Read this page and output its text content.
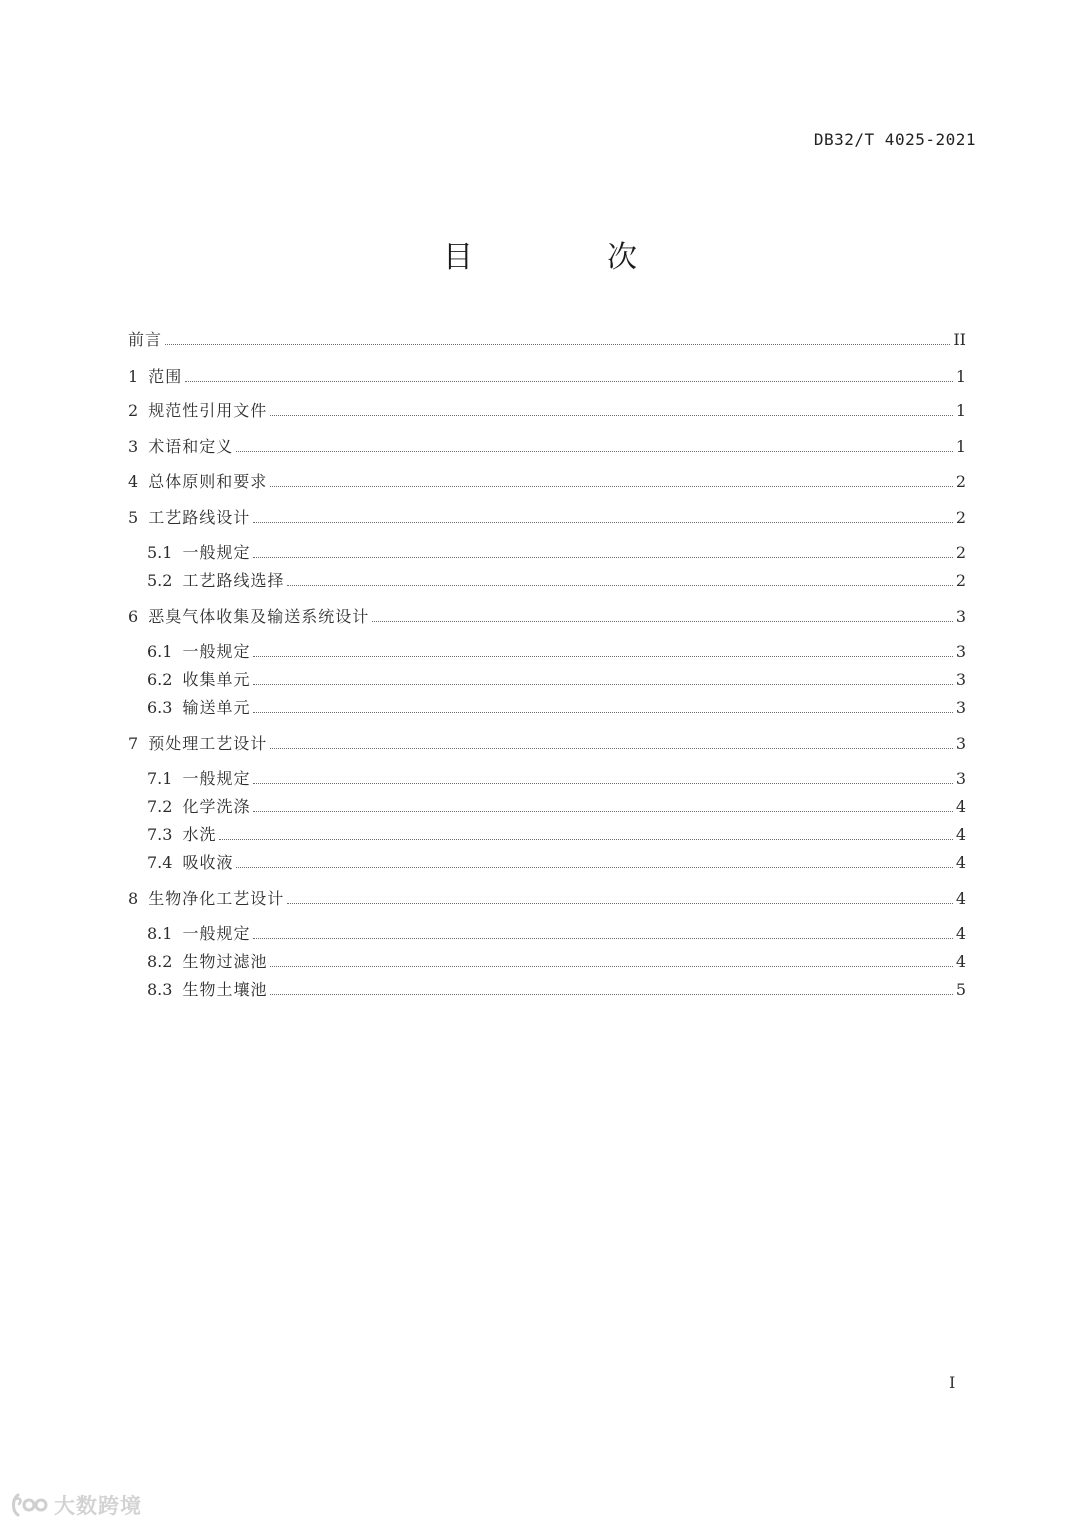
DB32/T 4025-2021
目　次
前言	II
1 范围	1
2 规范性引用文件	1
3 术语和定义	1
4 总体原则和要求	2
5 工艺路线设计	2
5.1 一般规定	2
5.2 工艺路线选择	2
6 恶臭气体收集及输送系统设计	3
6.1 一般规定	3
6.2 收集单元	3
6.3 输送单元	3
7 预处理工艺设计	3
7.1 一般规定	3
7.2 化学洗涤	4
7.3 水洗	4
7.4 吸收液	4
8 生物净化工艺设计	4
8.1 一般规定	4
8.2 生物过滤池	4
8.3 生物土壤池	5
I
大数跨境
